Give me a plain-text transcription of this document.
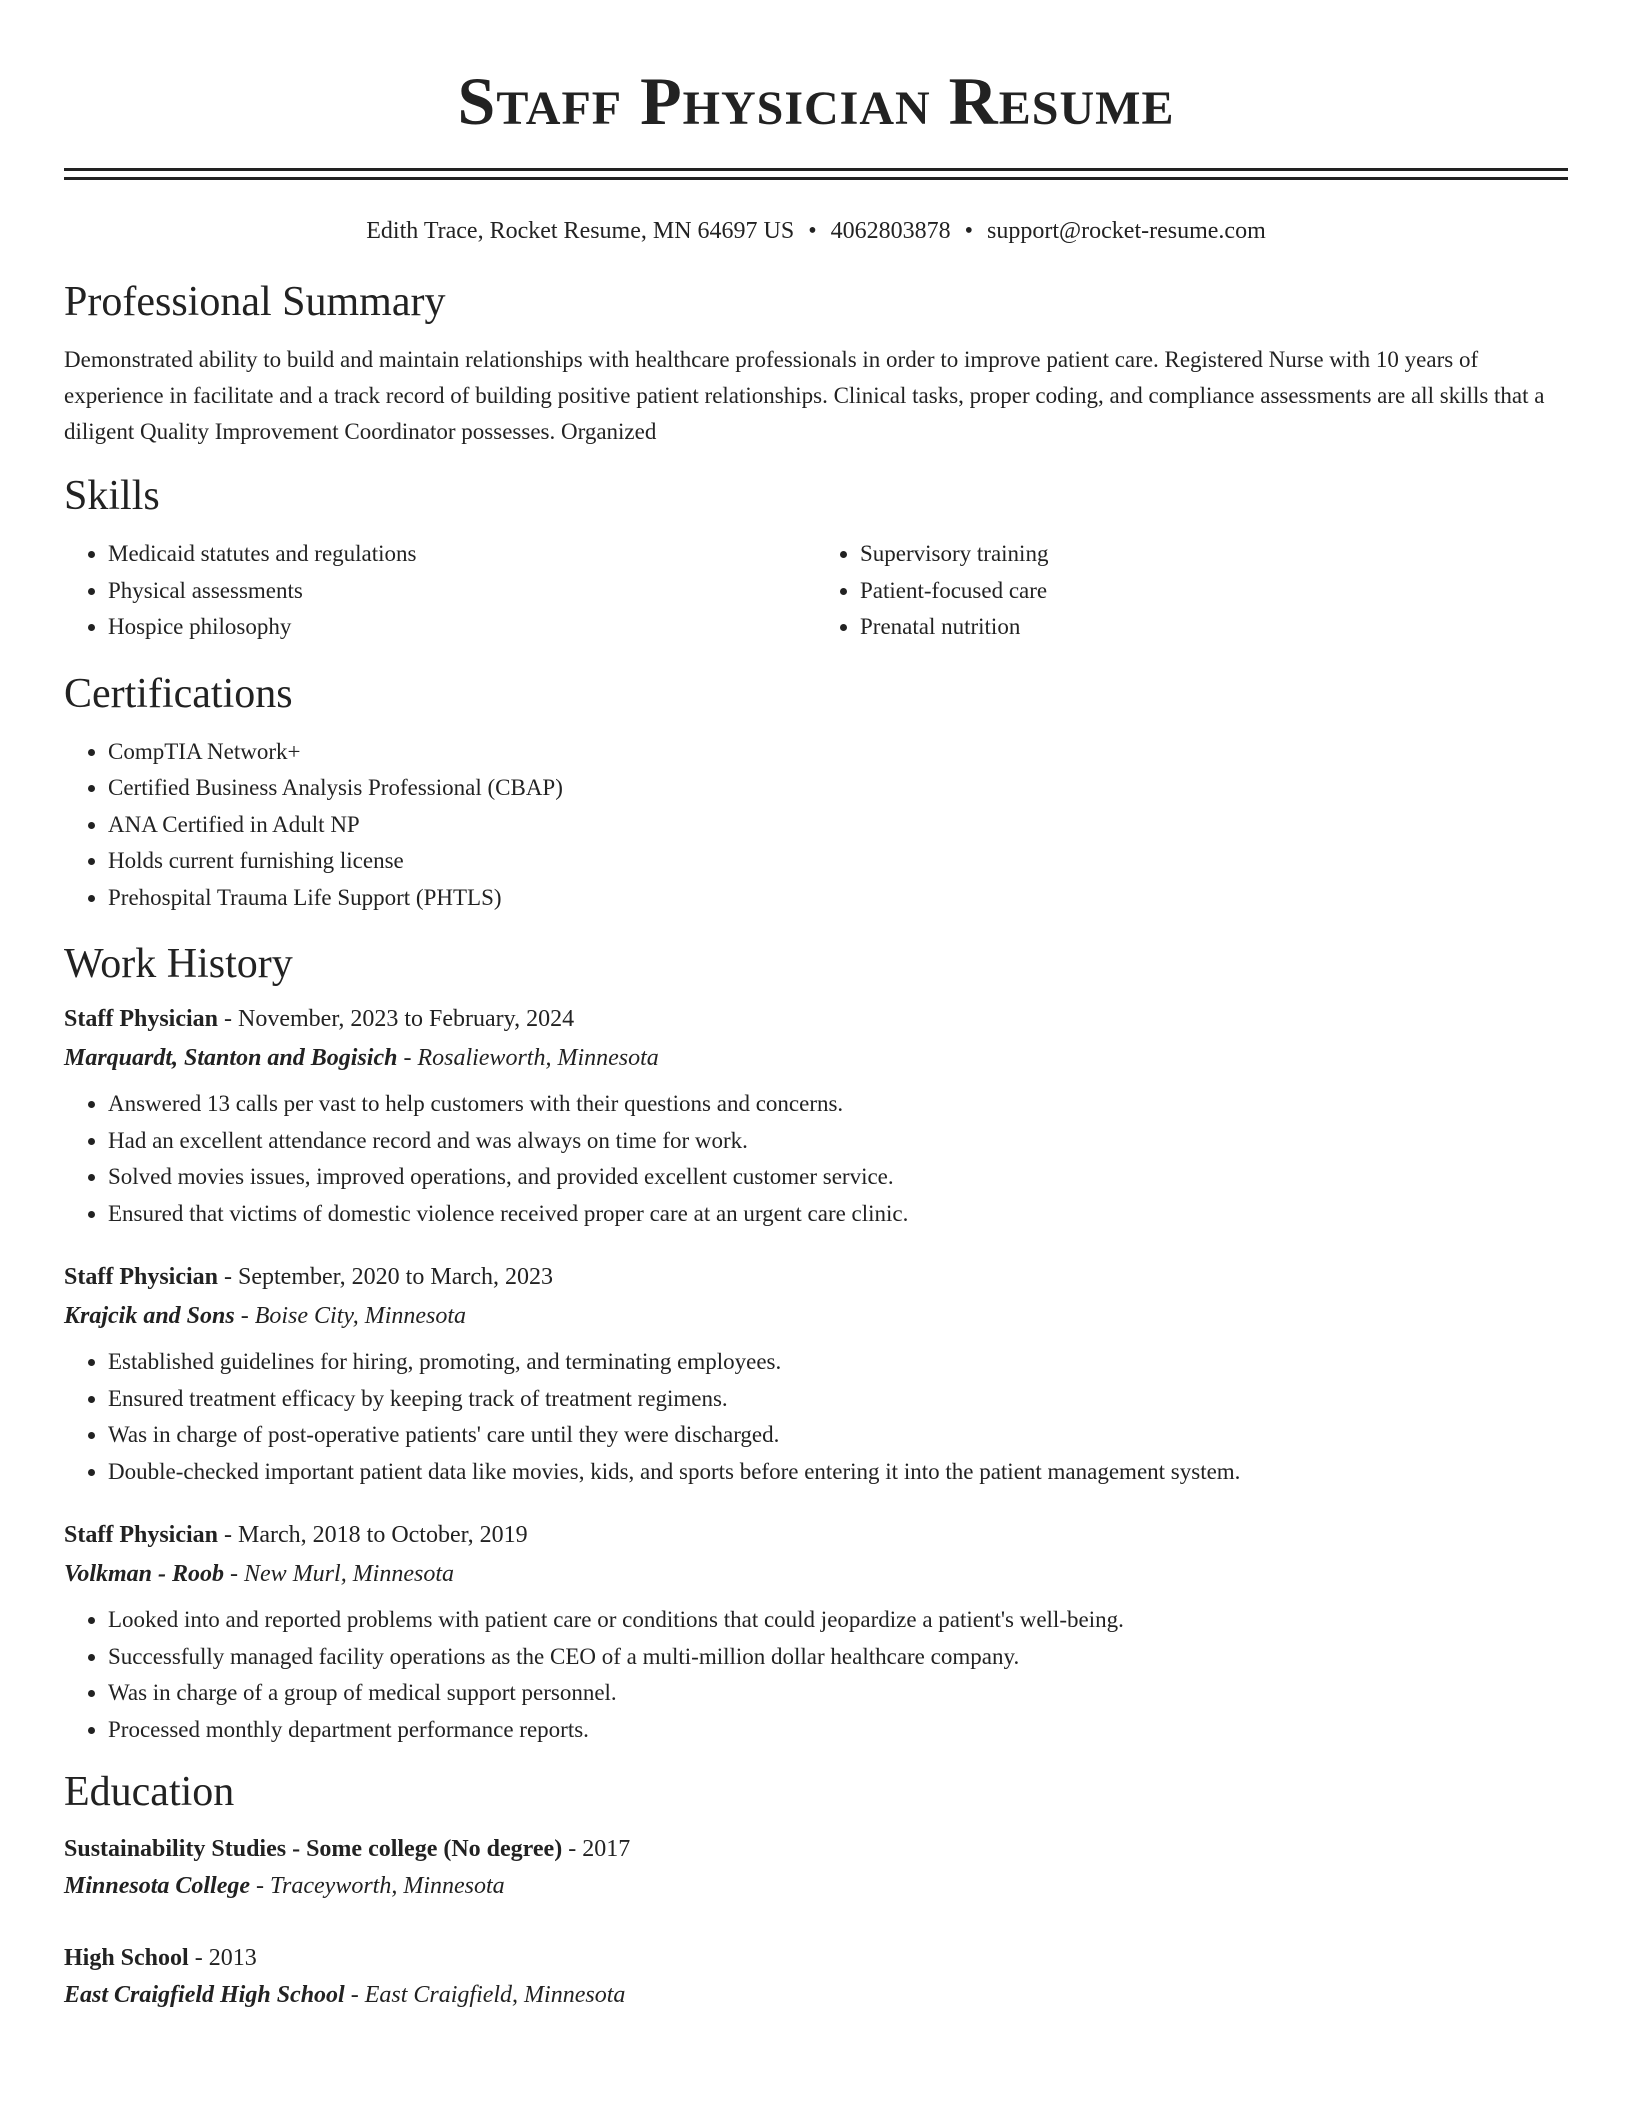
Staff Physician Resume
Edith Trace, Rocket Resume, MN 64697 US • 4062803878 • support@rocket-resume.com
Professional Summary

Demonstrated ability to build and maintain relationships with healthcare professionals in order to improve patient care. Registered Nurse with 10 years of experience in facilitate and a track record of building positive patient relationships. Clinical tasks, proper coding, and compliance assessments are all skills that a diligent Quality Improvement Coordinator possesses. Organized

Skills
• Medicaid statutes and regulations
• Physical assessments
• Hospice philosophy
• Supervisory training
• Patient-focused care
• Prenatal nutrition
Certifications
• CompTIA Network+
• Certified Business Analysis Professional (CBAP)
• ANA Certified in Adult NP
• Holds current furnishing license
• Prehospital Trauma Life Support (PHTLS)
Work History

Staff Physician - November, 2023 to February, 2024

Marquardt, Stanton and Bogisich - Rosalieworth, Minnesota

• Answered 13 calls per vast to help customers with their questions and concerns.
• Had an excellent attendance record and was always on time for work.
• Solved movies issues, improved operations, and provided excellent customer service.
• Ensured that victims of domestic violence received proper care at an urgent care clinic.

Staff Physician - September, 2020 to March, 2023

Krajcik and Sons - Boise City, Minnesota

• Established guidelines for hiring, promoting, and terminating employees.
• Ensured treatment efficacy by keeping track of treatment regimens.
• Was in charge of post-operative patients' care until they were discharged.
• Double-checked important patient data like movies, kids, and sports before entering it into the patient management system.

Staff Physician - March, 2018 to October, 2019

Volkman - Roob - New Murl, Minnesota

• Looked into and reported problems with patient care or conditions that could jeopardize a patient's well-being.
• Successfully managed facility operations as the CEO of a multi-million dollar healthcare company.
• Was in charge of a group of medical support personnel.
• Processed monthly department performance reports.
Education

Sustainability Studies - Some college (No degree) - 2017

Minnesota College - Traceyworth, Minnesota

High School - 2013

East Craigfield High School - East Craigfield, Minnesota
